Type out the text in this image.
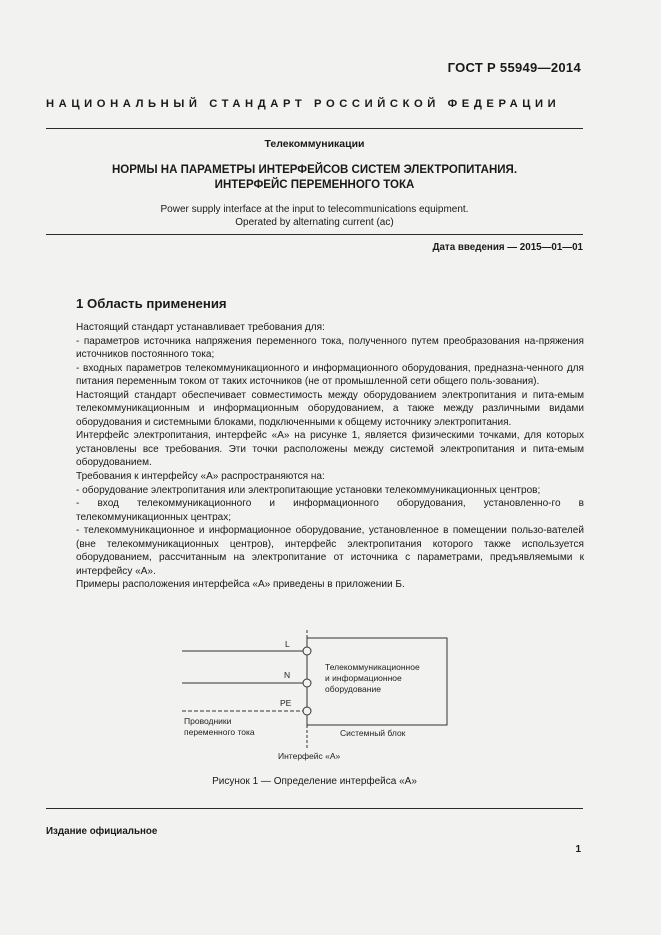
ГОСТ Р 55949—2014
НАЦИОНАЛЬНЫЙ СТАНДАРТ РОССИЙСКОЙ ФЕДЕРАЦИИ
Телекоммуникации
НОРМЫ НА ПАРАМЕТРЫ ИНТЕРФЕЙСОВ СИСТЕМ ЭЛЕКТРОПИТАНИЯ.
ИНТЕРФЕЙС ПЕРЕМЕННОГО ТОКА
Power supply interface at the input to telecommunications equipment.
Operated by alternating current (ac)
Дата введения — 2015—01—01
1 Область применения

Настоящий стандарт устанавливает требования для:

- параметров источника напряжения переменного тока, полученного путем преобразования на-пряжения источников постоянного тока;

- входных параметров телекоммуникационного и информационного оборудования, предназна-ченного для питания переменным током от таких источников (не от промышленной сети общего поль-зования).

Настоящий стандарт обеспечивает совместимость между оборудованием электропитания и пита-емым телекоммуникационным и информационным оборудованием, а также между различными видами оборудования и системными блоками, подключенными к общему источнику электропитания.

Интерфейс электропитания, интерфейс «А» на рисунке 1, является физическими точками, для которых установлены все требования. Эти точки расположены между системой электропитания и пита-емым оборудованием.

Требования к интерфейсу «А» распространяются на:

- оборудование электропитания или электропитающие установки телекоммуникационных центров;

- вход телекоммуникационного и информационного оборудования, установленно-го в телекоммуникационных центрах;

- телекоммуникационное и информационное оборудование, установленное в помещении пользо-вателей (вне телекоммуникационных центров), интерфейс электропитания которого также используется оборудованием, рассчитанным на электропитание от источника с параметрами, предъявляемыми к интерфейсу «А».

Примеры расположения интерфейса «А» приведены в приложении Б.

L
N
PE
Телекоммуникационное
и информационное
оборудование
Проводники
переменного тока	Системный блок
Интерфейс «А»
Рисунок 1 — Определение интерфейса «А»
Издание официальное
1
